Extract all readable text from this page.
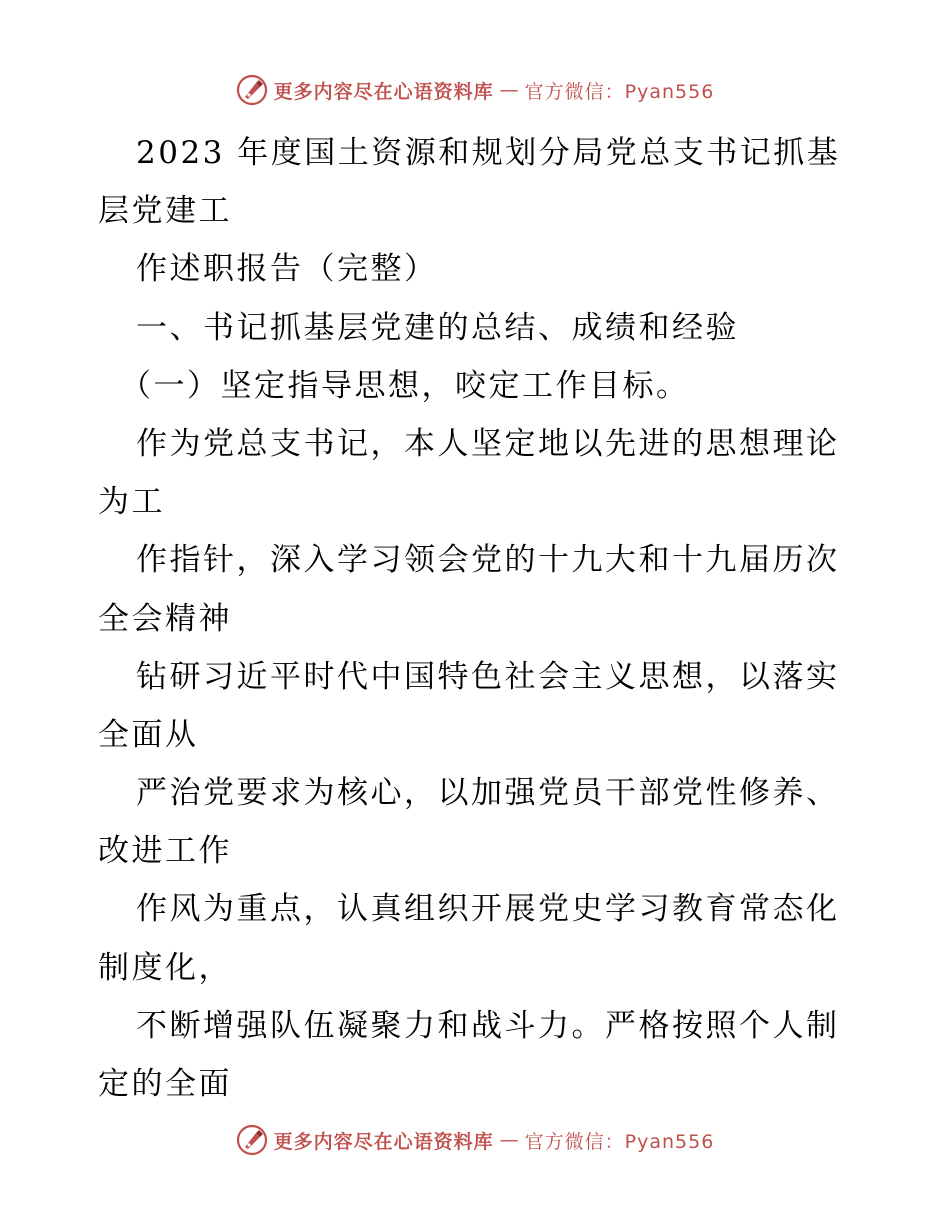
更多内容尽在心语资料库 — 官方微信：Pyan556
2023 年度国土资源和规划分局党总支书记抓基
层党建工
作述职报告（完整）
一、书记抓基层党建的总结、成绩和经验
（一）坚定指导思想，咬定工作目标。
作为党总支书记，本人坚定地以先进的思想理论
为工
作指针，深入学习领会党的十九大和十九届历次
全会精神
钻研习近平时代中国特色社会主义思想，以落实
全面从
严治党要求为核心，以加强党员干部党性修养、
改进工作
作风为重点，认真组织开展党史学习教育常态化
制度化，
不断增强队伍凝聚力和战斗力。严格按照个人制
定的全面
更多内容尽在心语资料库 — 官方微信：Pyan556
